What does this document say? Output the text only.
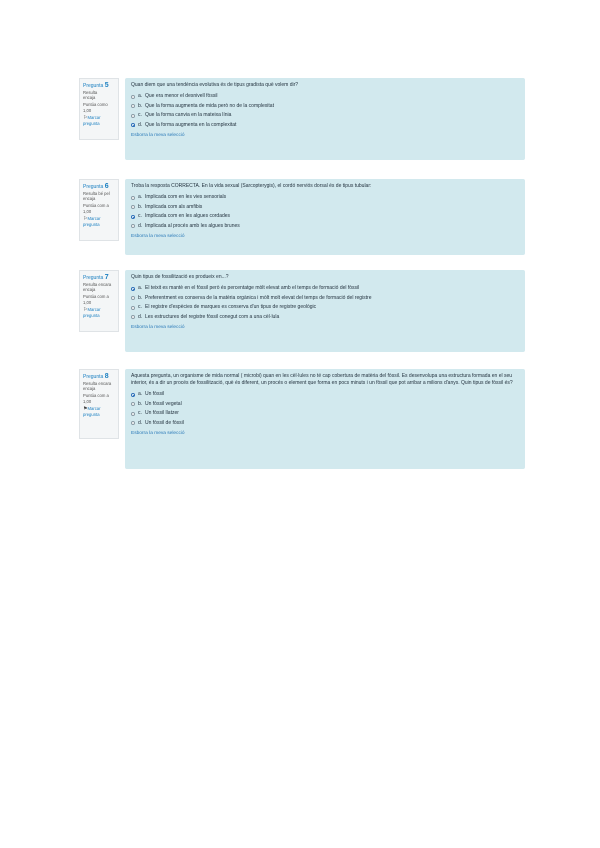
Pregunta 5
Resulta
encaja
Puntúa como
1,00
⚐Marcar
pregunta

Quan diem que una tendència evolutiva és de tipus gradista què volem dir?

a. Que era menor el desnivell fòssil
b. Que la forma augmenta de mida però no de la complexitat
c. Que la forma canvia en la mateixa línia
d. Que la forma augmenta en la complexitat
Esborra la meva selecció
Pregunta 6
Resulta bé pel
encaja
Puntúa com a
1,00
⚐Marcar
pregunta

Troba la resposta CORRECTA. En la vida sexual (Sarcopterygis), el cordó nerviós dorsal és de tipus tubular:

a. Implicada com en les vies sensorials
b. Implicada com als amfibis
c. Implicada com en les algues cordades
d. Implicada al procés amb les algues brunes
Esborra la meva selecció
Pregunta 7
Resulta encara
encaja
Puntúa com a
1,00
⚐Marcar
pregunta

Quin tipus de fossilització es produeix en...?

a. El teixit es mantè en el fòssil però és percentatge mòlt elevat amb el temps de formació del fòssil
b. Preferentment es conserva de la matèria orgànica i mòlt molt elevat del temps de formació del registre
c. El registre d'espècies de marques es conserva d'un tipus de registre geològic
d. Les estructures del registre fòssil conegut com a una cèl·lula
Esborra la meva selecció
Pregunta 8
Resulta encara
encaja
Puntúa com a
1,00
⚑Marcar
pregunta

Aquesta pregunta, un organisme de mida normal ( microbi) quan en les cèl·lules no té cap cobertura de matèria del fòssil. Es desenvolupa una estructura formada en el seu interior, és a dir un procés de fossilització, què és diferent, un procés o element que forma en pocs minuts i un fòssil que pot arribar a milions d'anys. Quin tipus de fòssil és?

a. Un fòssil
b. Un fòssil vegetal
c. Un fòssil llatzer
d. Un fòssil de fòssil
Esborra la meva selecció
